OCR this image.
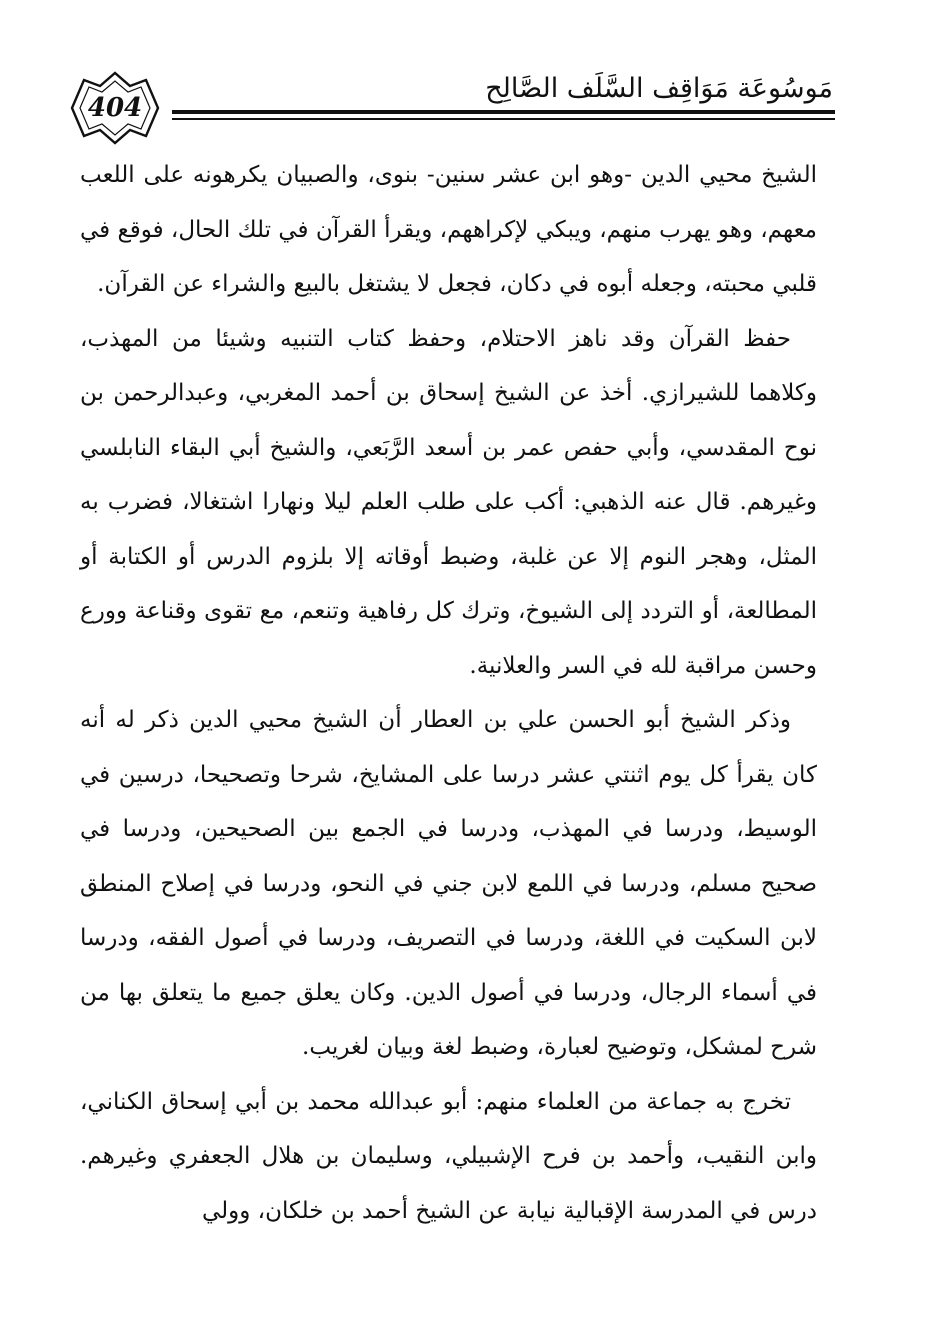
404
مَوسُوعَة مَوَاقِف السَّلَف الصَّالِح

الشيخ محيي الدين -وهو ابن عشر سنين- بنوى، والصبيان يكرهونه على اللعب معهم، وهو يهرب منهم، ويبكي لإكراههم، ويقرأ القرآن في تلك الحال، فوقع في قلبي محبته، وجعله أبوه في دكان، فجعل لا يشتغل بالبيع والشراء عن القرآن.

حفظ القرآن وقد ناهز الاحتلام، وحفظ كتاب التنبيه وشيئا من المهذب، وكلاهما للشيرازي. أخذ عن الشيخ إسحاق بن أحمد المغربي، وعبدالرحمن بن نوح المقدسي، وأبي حفص عمر بن أسعد الرَّبَعي، والشيخ أبي البقاء النابلسي وغيرهم. قال عنه الذهبي: أكب على طلب العلم ليلا ونهارا اشتغالا، فضرب به المثل، وهجر النوم إلا عن غلبة، وضبط أوقاته إلا بلزوم الدرس أو الكتابة أو المطالعة، أو التردد إلى الشيوخ، وترك كل رفاهية وتنعم، مع تقوى وقناعة وورع وحسن مراقبة لله في السر والعلانية.

وذكر الشيخ أبو الحسن علي بن العطار أن الشيخ محيي الدين ذكر له أنه كان يقرأ كل يوم اثنتي عشر درسا على المشايخ، شرحا وتصحيحا، درسين في الوسيط، ودرسا في المهذب، ودرسا في الجمع بين الصحيحين، ودرسا في صحيح مسلم، ودرسا في اللمع لابن جني في النحو، ودرسا في إصلاح المنطق لابن السكيت في اللغة، ودرسا في التصريف، ودرسا في أصول الفقه، ودرسا في أسماء الرجال، ودرسا في أصول الدين. وكان يعلق جميع ما يتعلق بها من شرح لمشكل، وتوضيح لعبارة، وضبط لغة وبيان لغريب.

تخرج به جماعة من العلماء منهم: أبو عبدالله محمد بن أبي إسحاق الكناني، وابن النقيب، وأحمد بن فرح الإشبيلي، وسليمان بن هلال الجعفري وغيرهم. درس في المدرسة الإقبالية نيابة عن الشيخ أحمد بن خلكان، وولي
